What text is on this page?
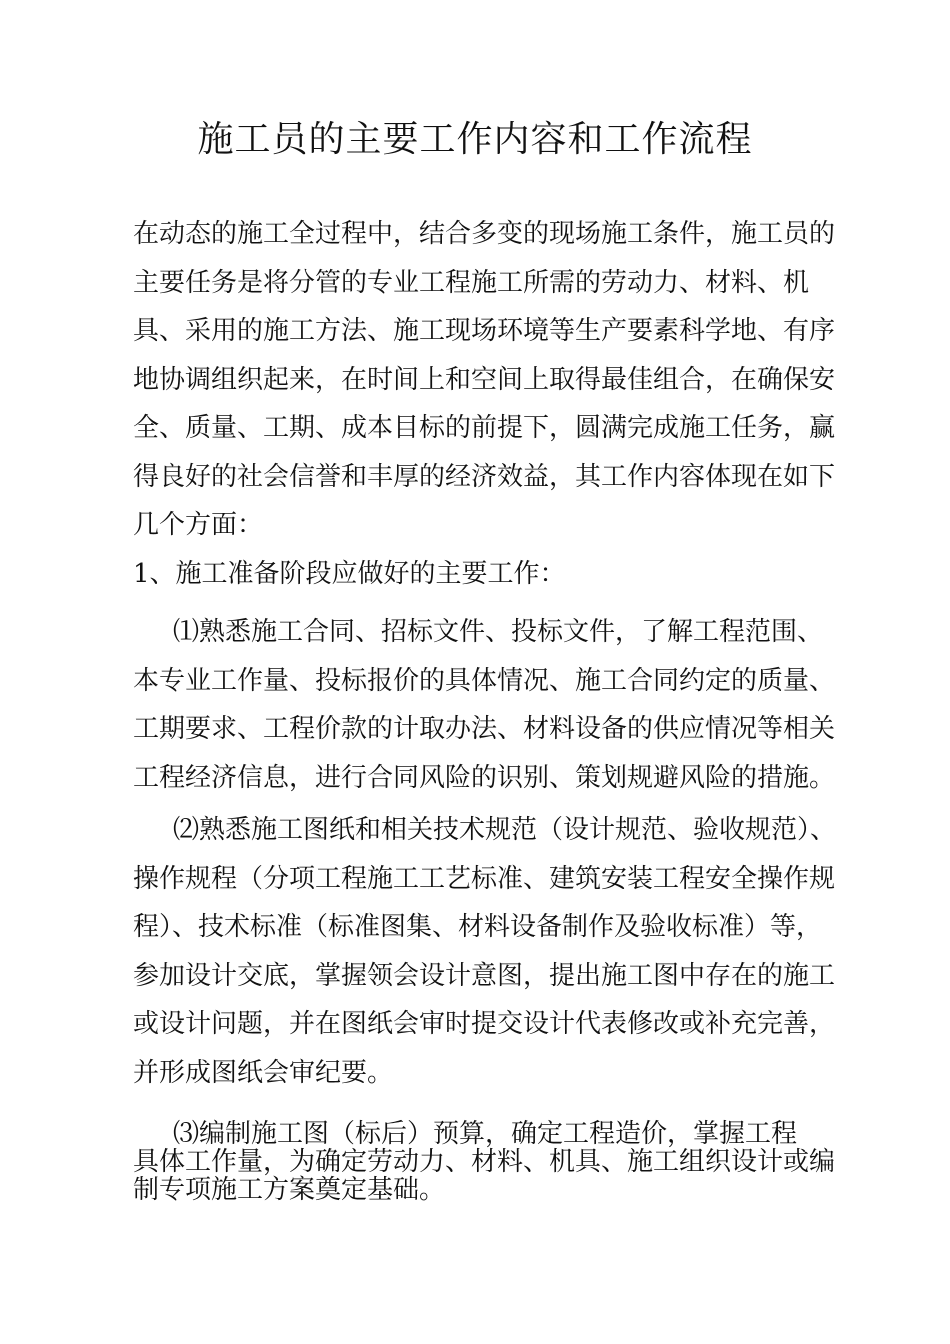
施工员的主要工作内容和工作流程

在动态的施工全过程中，结合多变的现场施工条件，施工员的主要任务是将分管的专业工程施工所需的劳动力、材料、机具、采用的施工方法、施工现场环境等生产要素科学地、有序地协调组织起来，在时间上和空间上取得最佳组合，在确保安全、质量、工期、成本目标的前提下，圆满完成施工任务，赢得良好的社会信誉和丰厚的经济效益，其工作内容体现在如下几个方面：

1、施工准备阶段应做好的主要工作：

⑴熟悉施工合同、招标文件、投标文件，了解工程范围、本专业工作量、投标报价的具体情况、施工合同约定的质量、工期要求、工程价款的计取办法、材料设备的供应情况等相关工程经济信息，进行合同风险的识别、策划规避风险的措施。

⑵熟悉施工图纸和相关技术规范（设计规范、验收规范）、操作规程（分项工程施工工艺标准、建筑安装工程安全操作规程）、技术标准（标准图集、材料设备制作及验收标准）等，参加设计交底，掌握领会设计意图，提出施工图中存在的施工或设计问题，并在图纸会审时提交设计代表修改或补充完善，并形成图纸会审纪要。

⑶编制施工图（标后）预算，确定工程造价，掌握工程
具体工作量，为确定劳动力、材料、机具、施工组织设计或编
制专项施工方案奠定基础。
